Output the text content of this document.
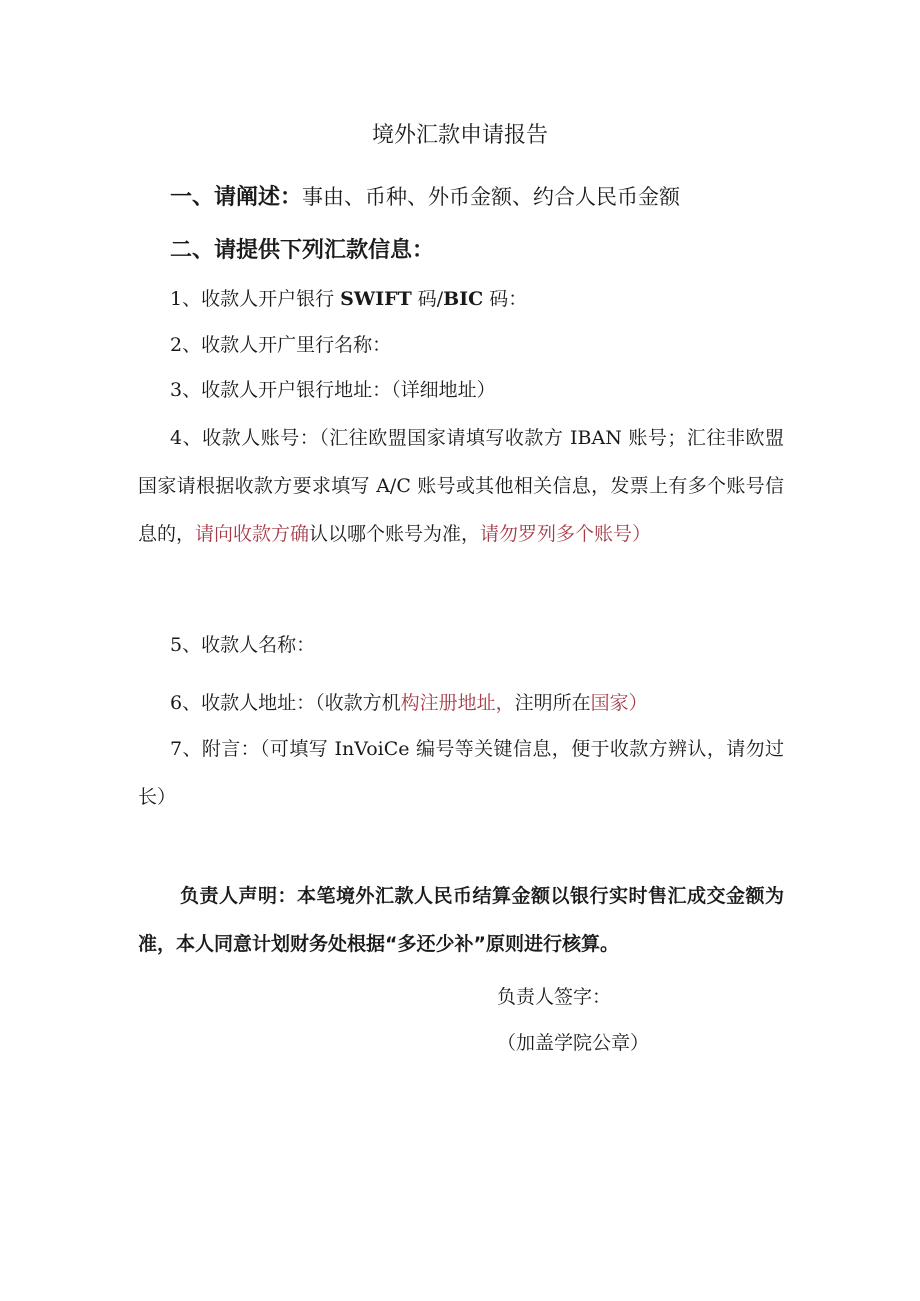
境外汇款申请报告
一、请阐述：事由、币种、外币金额、约合人民币金额
二、请提供下列汇款信息：
1、收款人开户银行 SWIFT 码/BIC 码：
2、收款人开广里行名称：
3、收款人开户银行地址：（详细地址）
4、收款人账号：（汇往欧盟国家请填写收款方 IBAN 账号；汇往非欧盟国家请根据收款方要求填写 A/C 账号或其他相关信息，发票上有多个账号信息的，请向收款方确认以哪个账号为准，请勿罗列多个账号）
5、收款人名称：
6、收款人地址：（收款方机构注册地址，注明所在国家）
7、附言：（可填写 InVoiCe 编号等关键信息，便于收款方辨认，请勿过长）
负责人声明：本笔境外汇款人民币结算金额以银行实时售汇成交金额为准，本人同意计划财务处根据“多还少补”原则进行核算。
负责人签字：
（加盖学院公章）
